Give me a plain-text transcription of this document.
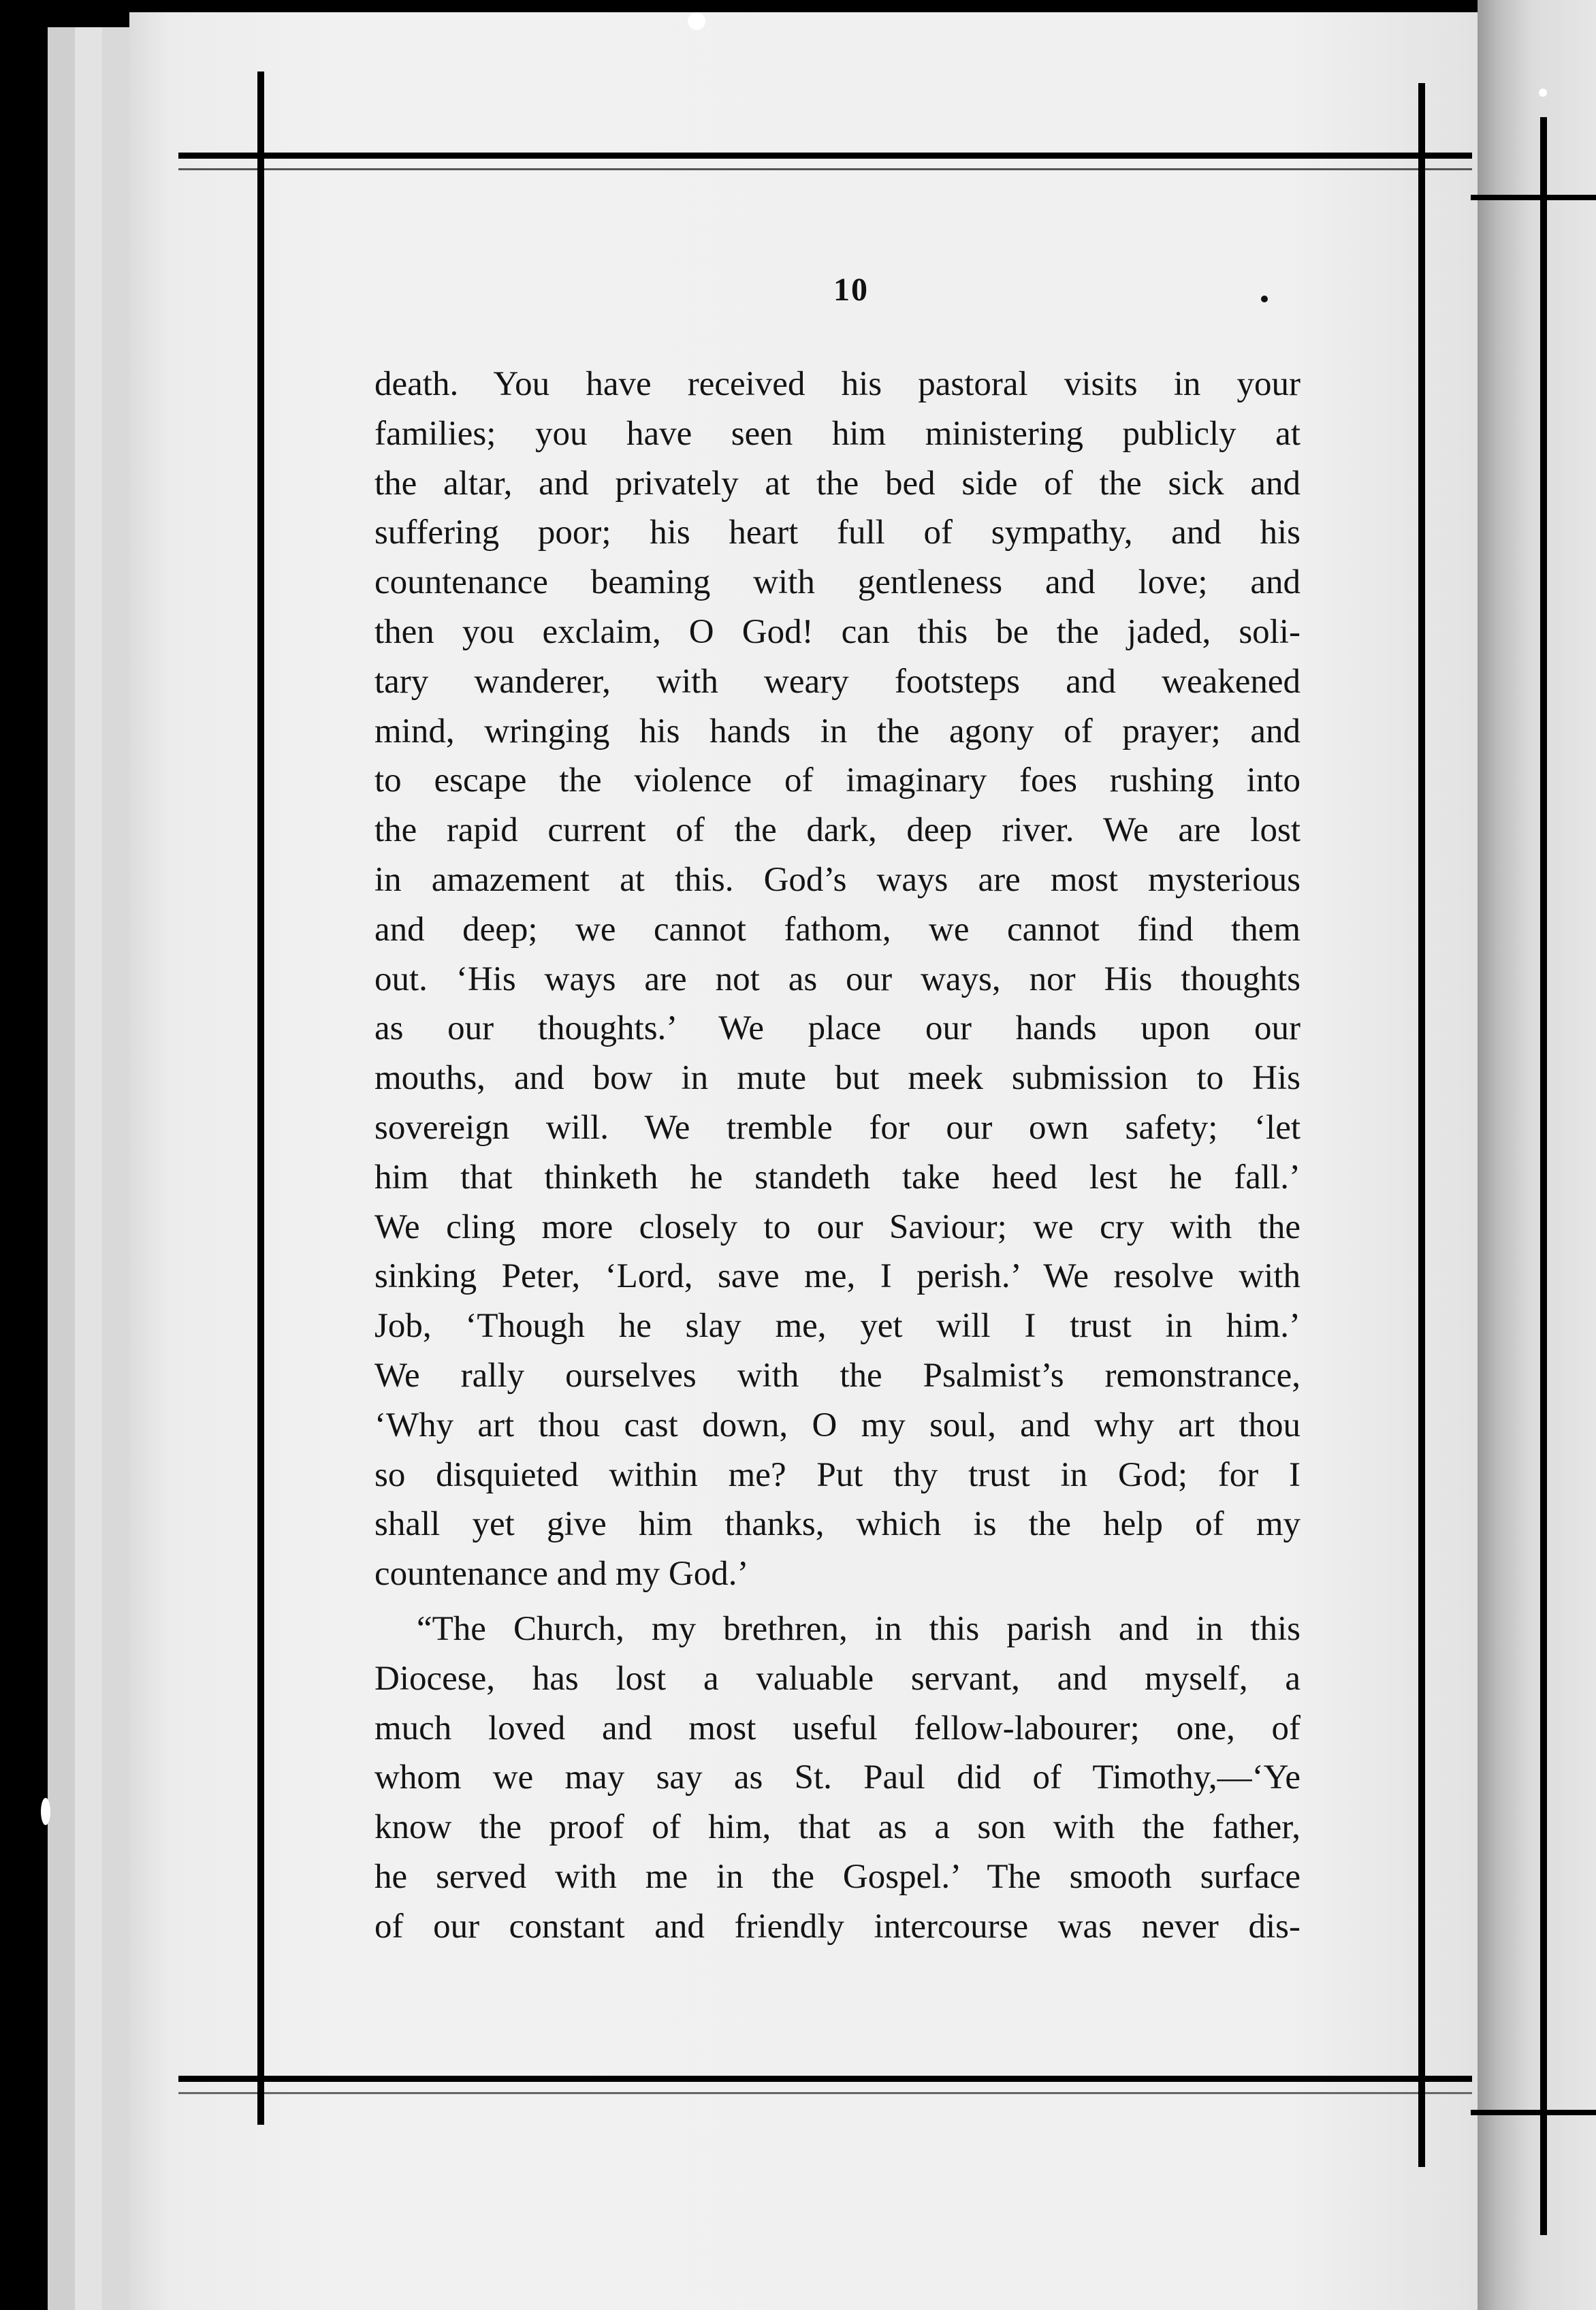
10
death. You have received his pastoral visits in your
families; you have seen him ministering publicly at
the altar, and privately at the bed side of the sick and
suffering poor; his heart full of sympathy, and his
countenance beaming with gentleness and love; and
then you exclaim, O God! can this be the jaded, soli-
tary wanderer, with weary footsteps and weakened
mind, wringing his hands in the agony of prayer; and
to escape the violence of imaginary foes rushing into
the rapid current of the dark, deep river. We are lost
in amazement at this. God’s ways are most mysterious
and deep; we cannot fathom, we cannot find them
out. ‘His ways are not as our ways, nor His thoughts
as our thoughts.’ We place our hands upon our
mouths, and bow in mute but meek submission to His
sovereign will. We tremble for our own safety; ‘let
him that thinketh he standeth take heed lest he fall.’
We cling more closely to our Saviour; we cry with the
sinking Peter, ‘Lord, save me, I perish.’ We resolve with
Job, ‘Though he slay me, yet will I trust in him.’
We rally ourselves with the Psalmist’s remonstrance,
‘Why art thou cast down, O my soul, and why art thou
so disquieted within me? Put thy trust in God; for I
shall yet give him thanks, which is the help of my
countenance and my God.’
“The Church, my brethren, in this parish and in this
Diocese, has lost a valuable servant, and myself, a
much loved and most useful fellow-labourer; one, of
whom we may say as St. Paul did of Timothy,—‘Ye
know the proof of him, that as a son with the father,
he served with me in the Gospel.’ The smooth surface
of our constant and friendly intercourse was never dis-
